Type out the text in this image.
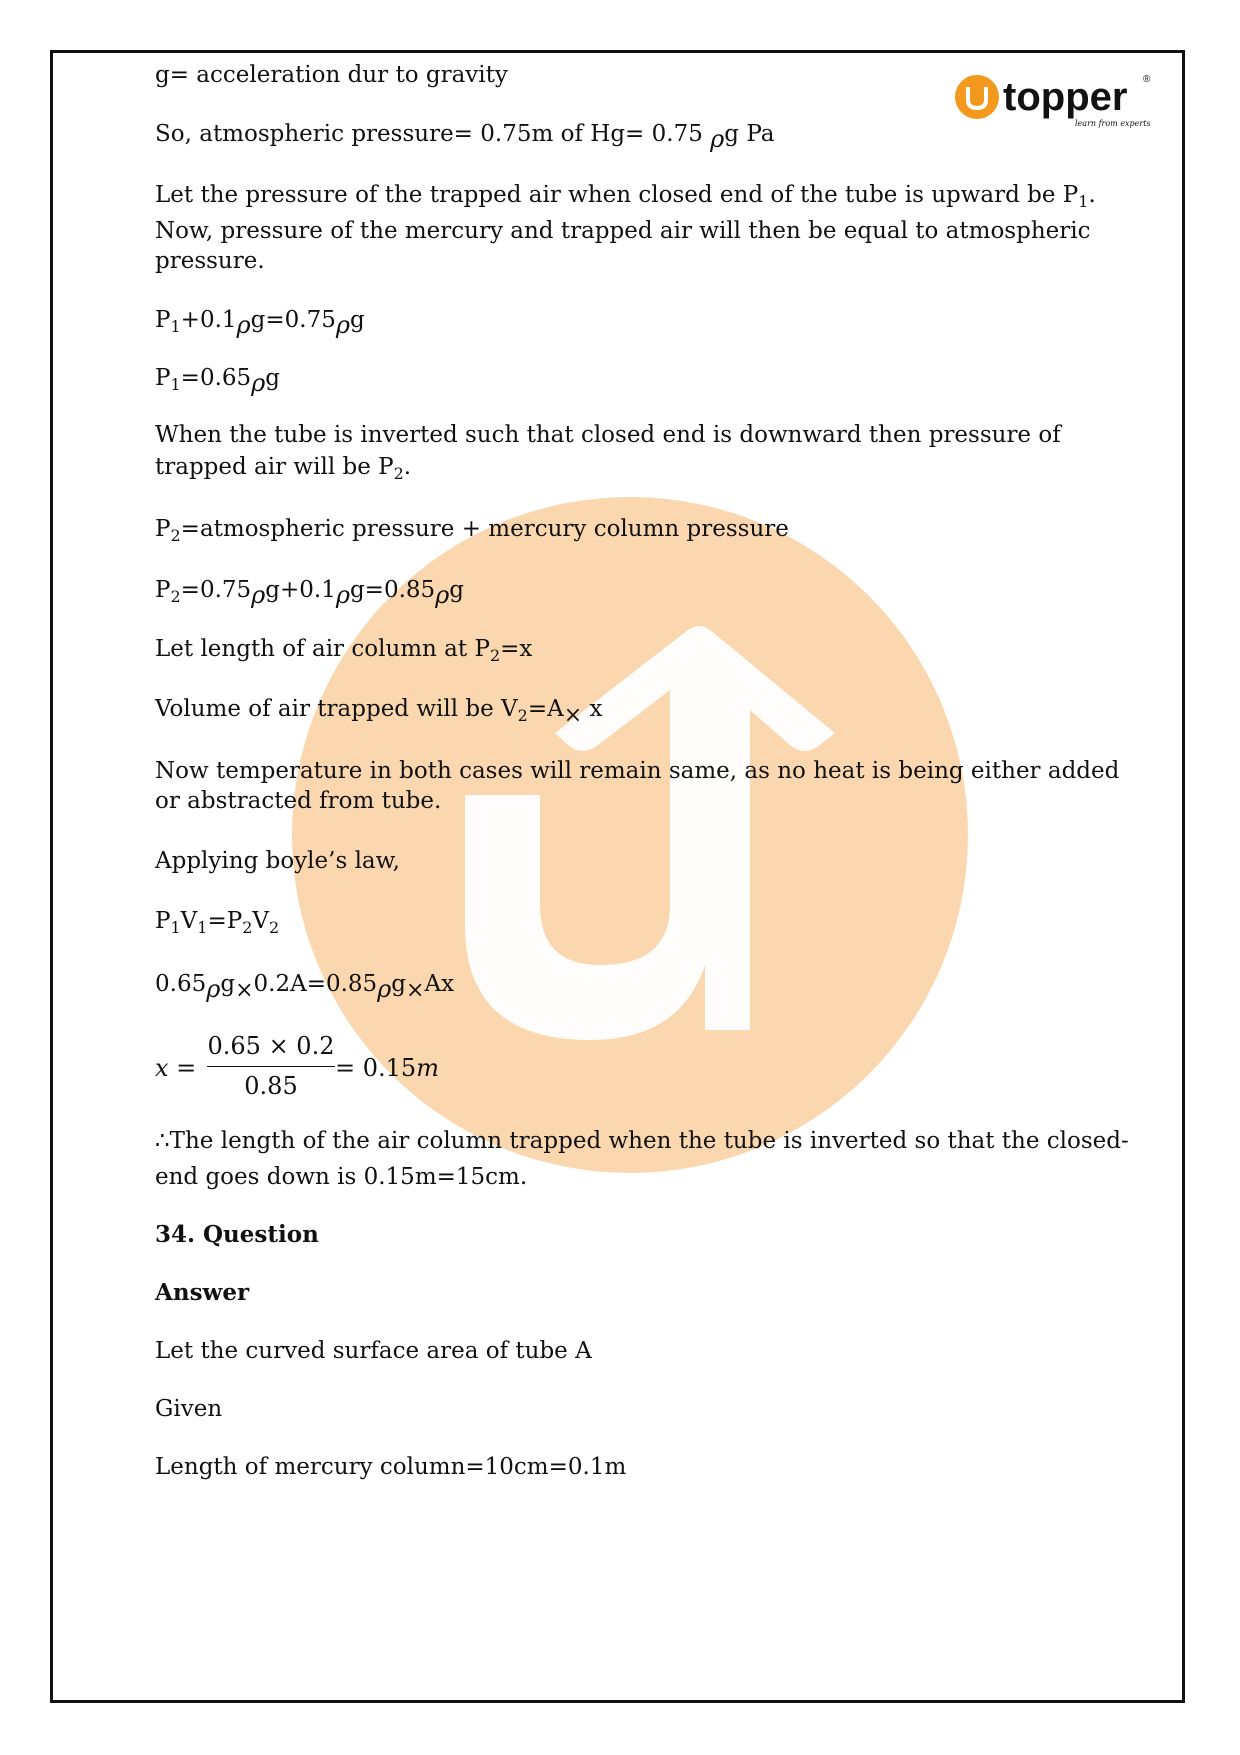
topper ®
learn from experts

g= acceleration dur to gravity

So, atmospheric pressure= 0.75m of Hg= 0.75 ρg Pa

Let the pressure of the trapped air when closed end of the tube is upward be $P_1$.

Now, pressure of the mercury and trapped air will then be equal to atmospheric

pressure.

$P_1+0.1\rho g=0.75\rho g$

$P_1=0.65\rho g$

When the tube is inverted such that closed end is downward then pressure of

trapped air will be $P_2$.

$P_2=atmospheric$ pressure + mercury column pressure

$P_2=0.75\rho g+0.1\rho g=0.85\rho g$

Let length of air column at $P_2=x$

Volume of air trapped will be $V_2=A\times x$

Now temperature in both cases will remain same, as no heat is being either added

or abstracted from tube.

Applying boyle’s law,

$P_1V_1=P_2V_2$

0.65ρg×0.2A=0.85ρg×Ax

x =
0.65 × 0.2
0.85
= 0.15m

∴The length of the air column trapped when the tube is inverted so that the closed-

end goes down is 0.15m=15cm.

34. Question

Answer

Let the curved surface area of tube A

Given

Length of mercury column=10cm=0.1m
